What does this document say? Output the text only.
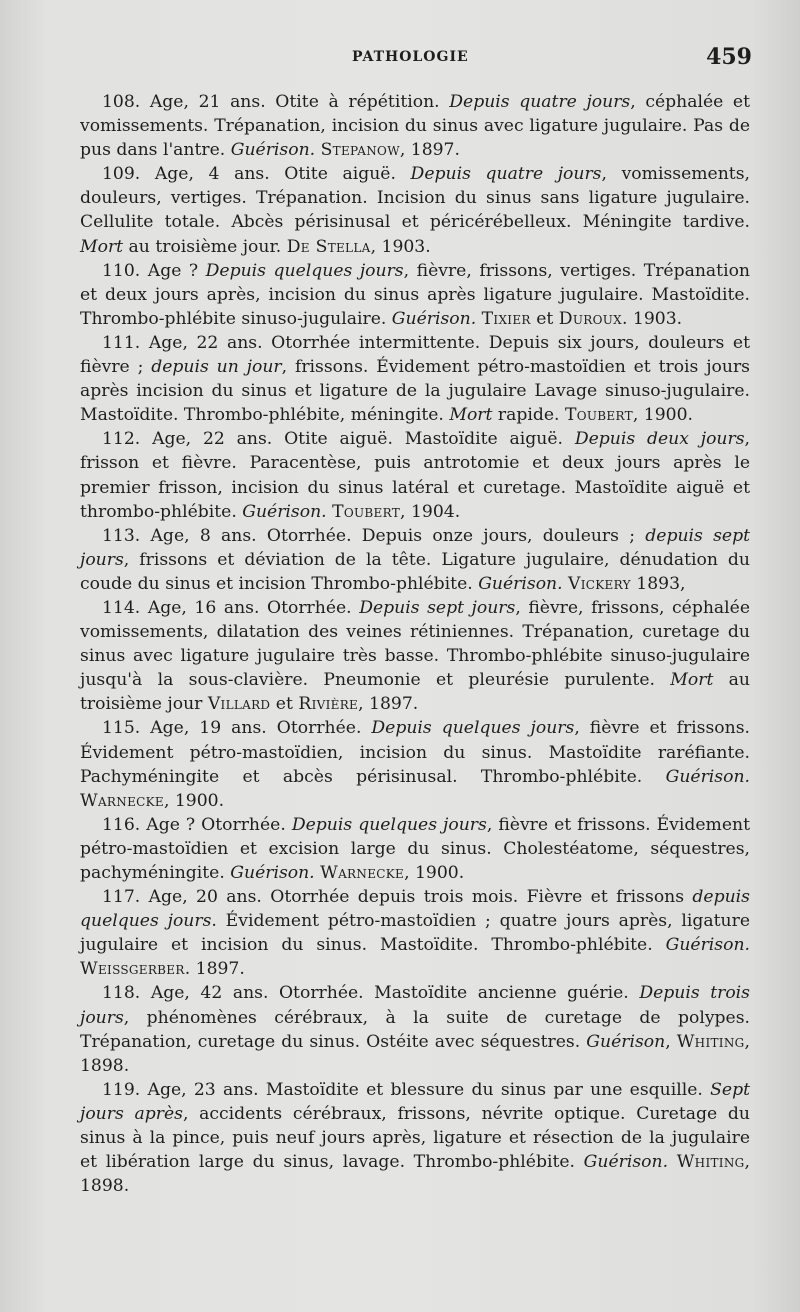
PATHOLOGIE	459

108. Age, 21 ans. Otite à répétition. Depuis quatre jours, céphalée et vomissements. Trépanation, incision du sinus avec ligature jugulaire. Pas de pus dans l'antre. Guérison. Stepanow, 1897.

109. Age, 4 ans. Otite aiguë. Depuis quatre jours, vomissements, douleurs, vertiges. Trépanation. Incision du sinus sans ligature jugulaire. Cellulite totale. Abcès périsinusal et péricérébelleux. Méningite tardive. Mort au troisième jour. De Stella, 1903.

110. Age ? Depuis quelques jours, fièvre, frissons, vertiges. Trépanation et deux jours après, incision du sinus après ligature jugulaire. Mastoïdite. Thrombo-phlébite sinuso-jugulaire. Guérison. Tixier et Duroux. 1903.

111. Age, 22 ans. Otorrhée intermittente. Depuis six jours, douleurs et fièvre ; depuis un jour, frissons. Évidement pétro-mastoïdien et trois jours après incision du sinus et ligature de la jugulaire Lavage sinuso-jugulaire. Mastoïdite. Thrombo-phlébite, méningite. Mort rapide. Toubert, 1900.

112. Age, 22 ans. Otite aiguë. Mastoïdite aiguë. Depuis deux jours, frisson et fièvre. Paracentèse, puis antrotomie et deux jours après le premier frisson, incision du sinus latéral et curetage. Mastoïdite aiguë et thrombo-phlébite. Guérison. Toubert, 1904.

113. Age, 8 ans. Otorrhée. Depuis onze jours, douleurs ; depuis sept jours, frissons et déviation de la tête. Ligature jugulaire, dénudation du coude du sinus et incision Thrombo-phlébite. Guérison. Vickery 1893,

114. Age, 16 ans. Otorrhée. Depuis sept jours, fièvre, frissons, céphalée vomissements, dilatation des veines rétiniennes. Trépanation, curetage du sinus avec ligature jugulaire très basse. Thrombo-phlébite sinuso-jugulaire jusqu'à la sous-clavière. Pneumonie et pleurésie purulente. Mort au troisième jour Villard et Rivière, 1897.

115. Age, 19 ans. Otorrhée. Depuis quelques jours, fièvre et frissons. Évidement pétro-mastoïdien, incision du sinus. Mastoïdite raréfiante. Pachyméningite et abcès périsinusal. Thrombo-phlébite. Guérison. Warnecke, 1900.

116. Age ? Otorrhée. Depuis quelques jours, fièvre et frissons. Évidement pétro-mastoïdien et excision large du sinus. Cholestéatome, séquestres, pachyméningite. Guérison. Warnecke, 1900.

117. Age, 20 ans. Otorrhée depuis trois mois. Fièvre et frissons depuis quelques jours. Évidement pétro-mastoïdien ; quatre jours après, ligature jugulaire et incision du sinus. Mastoïdite. Thrombo-phlébite. Guérison. Weissgerber. 1897.

118. Age, 42 ans. Otorrhée. Mastoïdite ancienne guérie. Depuis trois jours, phénomènes cérébraux, à la suite de curetage de polypes. Trépanation, curetage du sinus. Ostéite avec séquestres. Guérison, Whiting, 1898.

119. Age, 23 ans. Mastoïdite et blessure du sinus par une esquille. Sept jours après, accidents cérébraux, frissons, névrite optique. Curetage du sinus à la pince, puis neuf jours après, ligature et résection de la jugulaire et libération large du sinus, lavage. Thrombo-phlébite. Guérison. Whiting, 1898.
